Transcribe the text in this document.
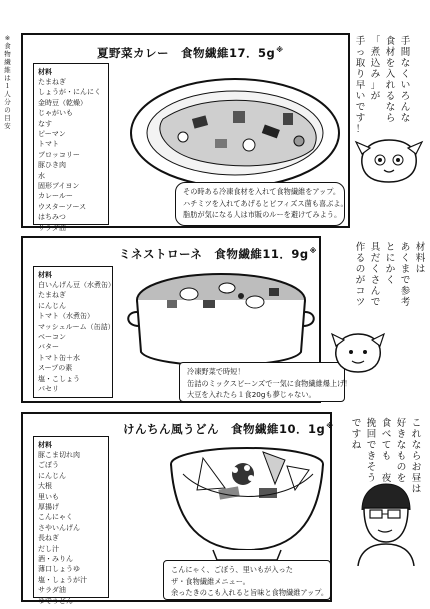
※
食
物
繊
維
は
１
人
分
の
目
安
夏野菜カレー　食物繊維17．5g※
材料
たまねぎ
しょうが・にんにく
金時豆（乾燥）
じゃがいも
なす
ピーマン
トマト
ブロッコリー
豚ひき肉
水
固形ブイヨン
カレールー
ウスターソース
はちみつ
サラダ油

その時ある冷凍食材を入れて食物繊維をアップ。

ハチミツを入れてあげるとビフィズス菌も喜ぶよ。

脂肪が気になる人は市販のルーを避けてみよう。

手
間
な
く
い
ろ
ん
な
食
材
を
入
れ
る
な
ら
「
煮
込
み
」
が
手
っ
取
り
早
い
で
す
！
ミネストローネ　食物繊維11．9g※
材料
白いんげん豆（水煮缶）
たまねぎ
にんじん
トマト（水煮缶）
マッシュルーム（缶詰）
ベーコン
バター
トマト缶＋水
スープの素
塩・こしょう
パセリ

冷凍野菜で時短！

缶詰のミックスビーンズで一気に食物繊維爆上げ！

大豆を入れたら１食20gも夢じゃない。

材
料
は
あ
く
ま
で
参
考
と
に
か
く
具
だ
く
さ
ん
で
作
る
の
が
コ
ツ
けんちん風うどん　食物繊維10．1g※
材料
豚こま切れ肉
ごぼう
にんじん
大根
里いも
厚揚げ
こんにゃく
さやいんげん
長ねぎ
だし汁
酒・みりん
薄口しょうゆ
塩・しょうが汁
サラダ油
ゆでうどん

こんにゃく、ごぼう、里いもが入った

ザ・食物繊維メニュー。

余ったきのこも入れると旨味と食物繊維アップ。

こ
れ
な
ら
お
昼
は
好
き
な
も
の
を
食
べ
て
も

夜
挽
回
で
き
そ
う
で
す
ね
